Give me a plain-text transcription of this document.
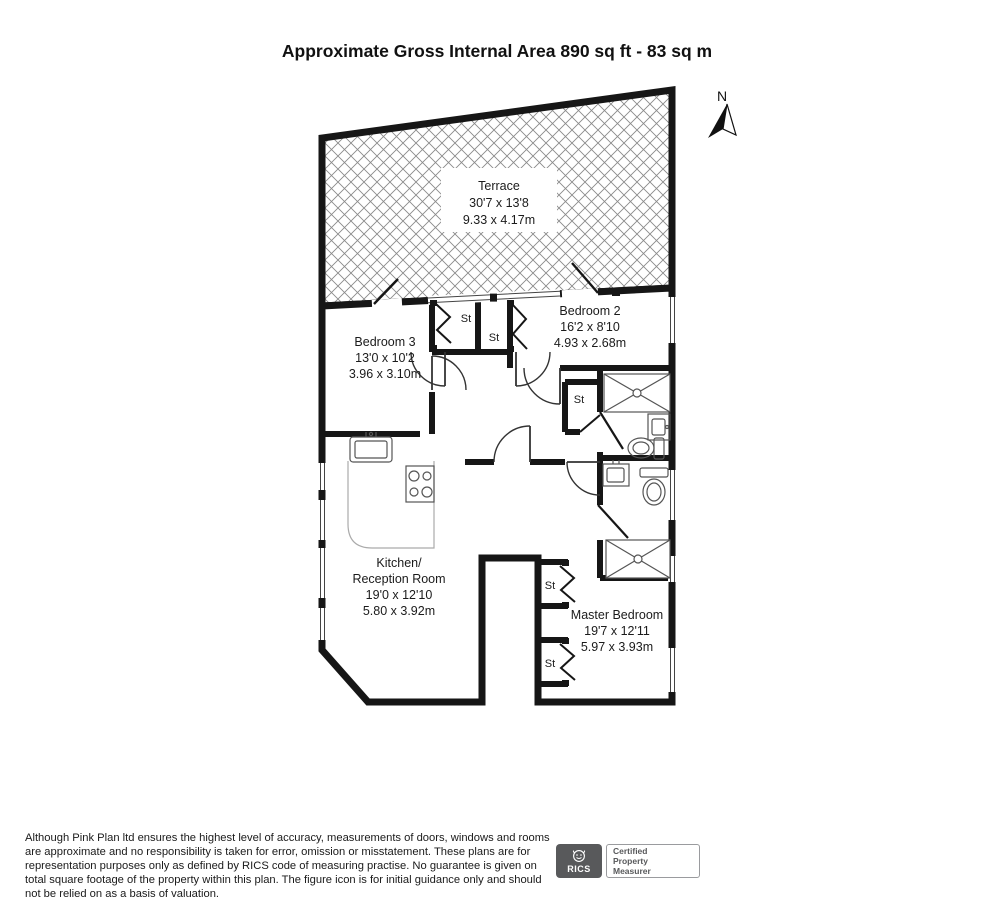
Approximate Gross Internal Area 890 sq ft - 83 sq m
N
Terrace
30'7 x 13'8
9.33 x 4.17m
Bedroom 2
16'2 x 8'10
4.93 x 2.68m
Bedroom 3
13'0 x 10'2
3.96 x 3.10m
Kitchen/
Reception Room
19'0 x 12'10
5.80 x 3.92m	Master Bedroom
19'7 x 12'11
5.97 x 3.93m
St
St
St
St
St
Although Pink Plan ltd ensures the highest level of accuracy, measurements of doors, windows and rooms are approximate and no responsibility is taken for error, omission or misstatement. These plans are for representation purposes only as defined by RICS code of measuring practise. No guarantee is given on total square footage of the property within this plan. The figure icon is for initial guidance only and should not be relied on as a basis of valuation.
RICS
Certified
Property
Measurer
